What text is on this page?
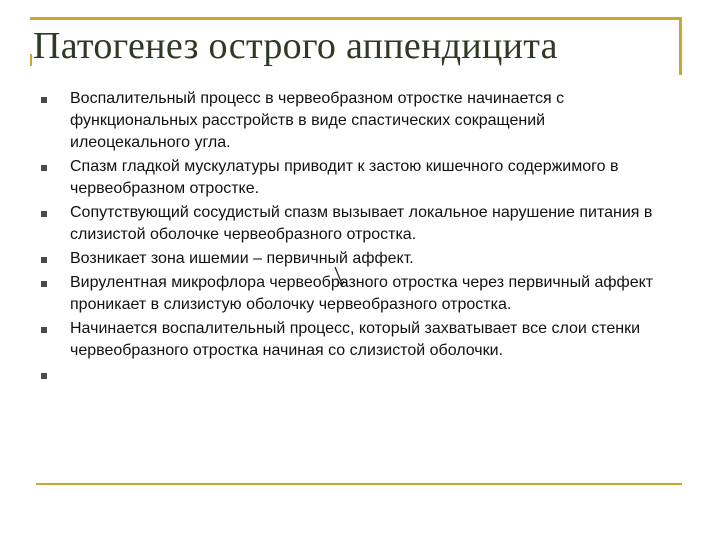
Патогенез острого аппендицита
Воспалительный процесс в червеобразном отростке начинается с функциональных расстройств в виде спастических сокращений илеоцекального угла.
Спазм гладкой мускулатуры приводит к застою кишечного содержимого в червеобразном отростке.
Сопутствующий сосудистый спазм вызывает локальное нарушение питания в слизистой оболочке червеобразного отростка.
Возникает зона ишемии – первичный аффект.
Вирулентная микрофлора червеобразного отростка через первичный аффект проникает в слизистую оболочку червеобразного отростка.
Начинается воспалительный процесс, который захватывает все слои стенки червеобразного отростка начиная со слизистой оболочки.
